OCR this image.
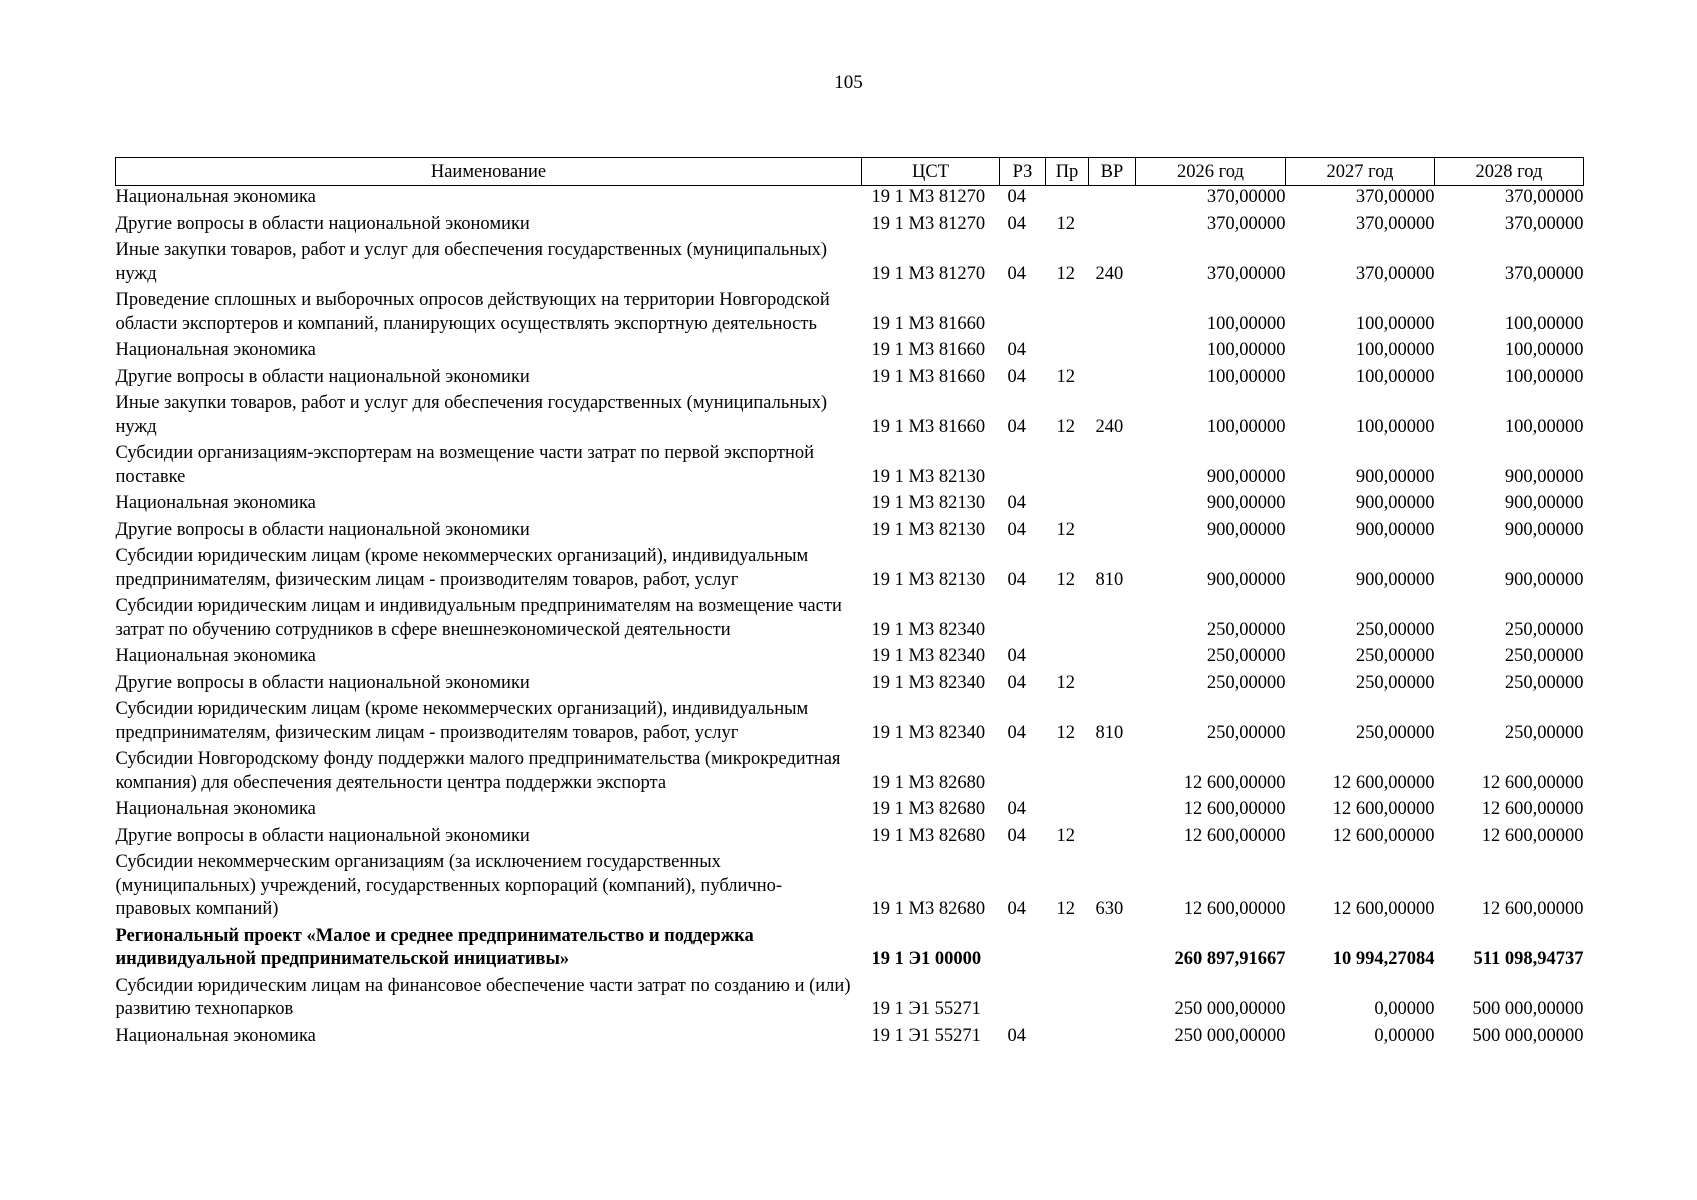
105
Наименование	ЦСТ	РЗ	Пр	ВР	2026 год	2027 год	2028 год
Национальная экономика	19 1 М3 81270	04			370,00000	370,00000	370,00000
Другие вопросы в области национальной экономики	19 1 М3 81270	04	12		370,00000	370,00000	370,00000
Иные закупки товаров, работ и услуг для обеспечения государственных (муниципальных) нужд	19 1 М3 81270	04	12	240	370,00000	370,00000	370,00000
Проведение сплошных и выборочных опросов действующих на территории Новгородской области экспортеров и компаний, планирующих осуществлять экспортную деятельность	19 1 М3 81660				100,00000	100,00000	100,00000
Национальная экономика	19 1 М3 81660	04			100,00000	100,00000	100,00000
Другие вопросы в области национальной экономики	19 1 М3 81660	04	12		100,00000	100,00000	100,00000
Иные закупки товаров, работ и услуг для обеспечения государственных (муниципальных) нужд	19 1 М3 81660	04	12	240	100,00000	100,00000	100,00000
Субсидии организациям-экспортерам на возмещение части затрат по первой экспортной поставке	19 1 М3 82130				900,00000	900,00000	900,00000
Национальная экономика	19 1 М3 82130	04			900,00000	900,00000	900,00000
Другие вопросы в области национальной экономики	19 1 М3 82130	04	12		900,00000	900,00000	900,00000
Субсидии юридическим лицам (кроме некоммерческих организаций), индивидуальным предпринимателям, физическим лицам - производителям товаров, работ, услуг	19 1 М3 82130	04	12	810	900,00000	900,00000	900,00000
Субсидии юридическим лицам и индивидуальным предпринимателям на возмещение части затрат по обучению сотрудников в сфере внешнеэкономической деятельности	19 1 М3 82340				250,00000	250,00000	250,00000
Национальная экономика	19 1 М3 82340	04			250,00000	250,00000	250,00000
Другие вопросы в области национальной экономики	19 1 М3 82340	04	12		250,00000	250,00000	250,00000
Субсидии юридическим лицам (кроме некоммерческих организаций), индивидуальным предпринимателям, физическим лицам - производителям товаров, работ, услуг	19 1 М3 82340	04	12	810	250,00000	250,00000	250,00000
Субсидии Новгородскому фонду поддержки малого предпринимательства (микрокредитная компания) для обеспечения деятельности центра поддержки экспорта	19 1 М3 82680				12 600,00000	12 600,00000	12 600,00000
Национальная экономика	19 1 М3 82680	04			12 600,00000	12 600,00000	12 600,00000
Другие вопросы в области национальной экономики	19 1 М3 82680	04	12		12 600,00000	12 600,00000	12 600,00000
Субсидии некоммерческим организациям (за исключением государственных (муниципальных) учреждений, государственных корпораций (компаний), публично-правовых компаний)	19 1 М3 82680	04	12	630	12 600,00000	12 600,00000	12 600,00000
Региональный проект «Малое и среднее предпринимательство и поддержка индивидуальной предпринимательской инициативы»	19 1 Э1 00000				260 897,91667	10 994,27084	511 098,94737
Субсидии юридическим лицам на финансовое обеспечение части затрат по созданию и (или) развитию технопарков	19 1 Э1 55271				250 000,00000	0,00000	500 000,00000
Национальная экономика	19 1 Э1 55271	04			250 000,00000	0,00000	500 000,00000
